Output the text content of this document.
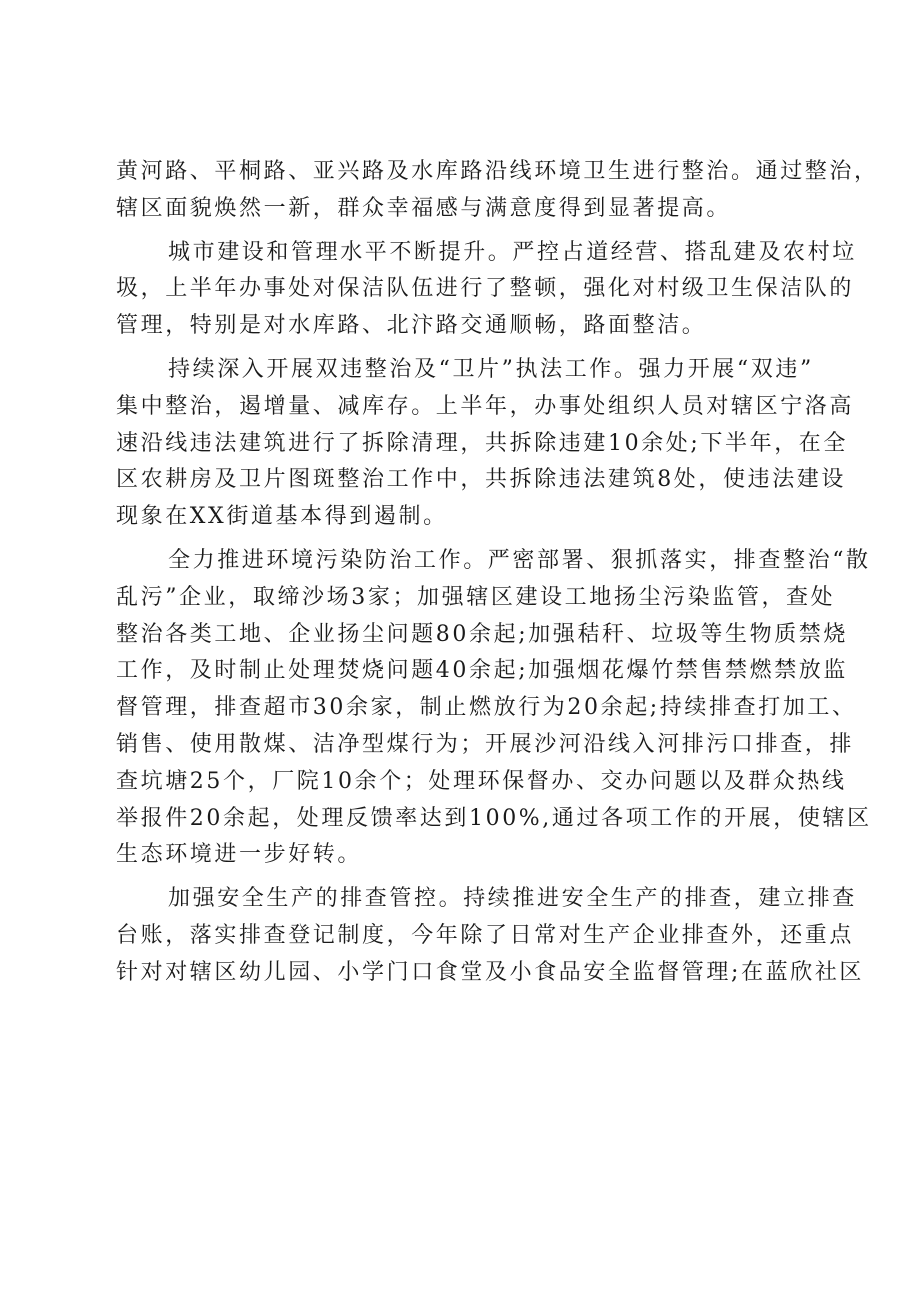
黄河路、平桐路、亚兴路及水库路沿线环境卫生进行整治。通过整治，
辖区面貌焕然一新，群众幸福感与满意度得到显著提高。

城市建设和管理水平不断提升。严控占道经营、搭乱建及农村垃
圾，上半年办事处对保洁队伍进行了整顿，强化对村级卫生保洁队的
管理，特别是对水库路、北汴路交通顺畅，路面整洁。

持续深入开展双违整治及“卫片”执法工作。强力开展“双违”
集中整治，遏增量、减库存。上半年，办事处组织人员对辖区宁洛高
速沿线违法建筑进行了拆除清理，共拆除违建10余处;下半年，在全
区农耕房及卫片图斑整治工作中，共拆除违法建筑8处，使违法建设
现象在XX街道基本得到遏制。

全力推进环境污染防治工作。严密部署、狠抓落实，排查整治“散
乱污”企业，取缔沙场3家；加强辖区建设工地扬尘污染监管，查处
整治各类工地、企业扬尘问题80余起;加强秸秆、垃圾等生物质禁烧
工作，及时制止处理焚烧问题40余起;加强烟花爆竹禁售禁燃禁放监
督管理，排查超市30余家，制止燃放行为20余起;持续排查打加工、
销售、使用散煤、洁净型煤行为；开展沙河沿线入河排污口排查，排
查坑塘25个，厂院10余个；处理环保督办、交办问题以及群众热线
举报件20余起，处理反馈率达到100%,通过各项工作的开展，使辖区
生态环境进一步好转。

加强安全生产的排查管控。持续推进安全生产的排查，建立排查
台账，落实排查登记制度，今年除了日常对生产企业排查外，还重点
针对对辖区幼儿园、小学门口食堂及小食品安全监督管理;在蓝欣社区
